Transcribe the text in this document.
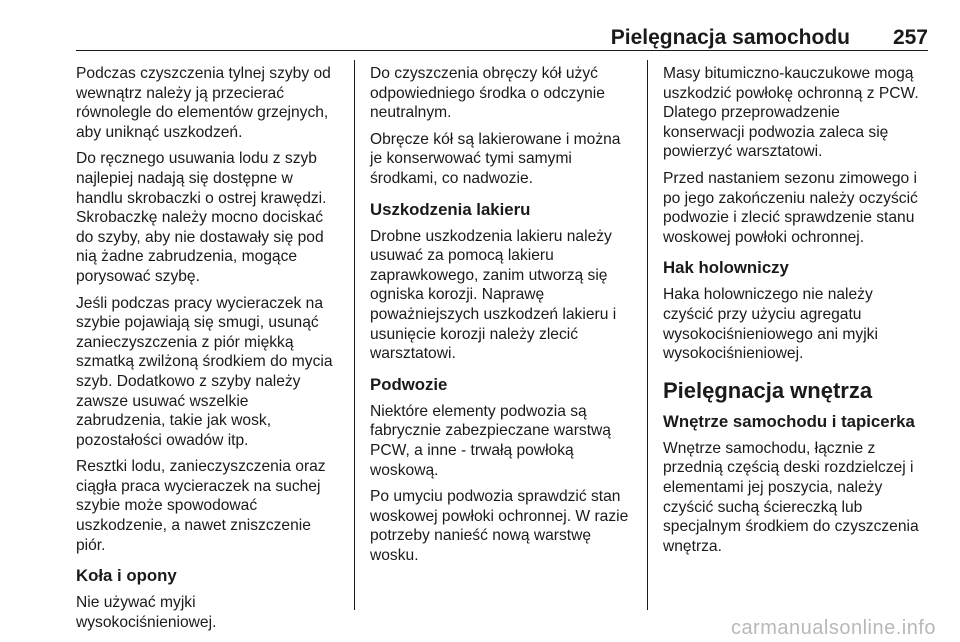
Pielęgnacja samochodu 257

Podczas czyszczenia tylnej szyby od
wewnątrz należy ją przecierać
równolegle do elementów grzejnych,
aby uniknąć uszkodzeń.

Do ręcznego usuwania lodu z szyb
najlepiej nadają się dostępne w
handlu skrobaczki o ostrej krawędzi.
Skrobaczkę należy mocno dociskać
do szyby, aby nie dostawały się pod
nią żadne zabrudzenia, mogące
porysować szybę.

Jeśli podczas pracy wycieraczek na
szybie pojawiają się smugi, usunąć
zanieczyszczenia z piór miękką
szmatką zwilżoną środkiem do mycia
szyb. Dodatkowo z szyby należy
zawsze usuwać wszelkie
zabrudzenia, takie jak wosk,
pozostałości owadów itp.

Resztki lodu, zanieczyszczenia oraz
ciągła praca wycieraczek na suchej
szybie może spowodować
uszkodzenie, a nawet zniszczenie
piór.

Koła i opony

Nie używać myjki
wysokociśnieniowej.

Do czyszczenia obręczy kół użyć
odpowiedniego środka o odczynie
neutralnym.

Obręcze kół są lakierowane i można
je konserwować tymi samymi
środkami, co nadwozie.

Uszkodzenia lakieru

Drobne uszkodzenia lakieru należy
usuwać za pomocą lakieru
zaprawkowego, zanim utworzą się
ogniska korozji. Naprawę
poważniejszych uszkodzeń lakieru i
usunięcie korozji należy zlecić
warsztatowi.

Podwozie

Niektóre elementy podwozia są
fabrycznie zabezpieczane warstwą
PCW, a inne - trwałą powłoką
woskową.

Po umyciu podwozia sprawdzić stan
woskowej powłoki ochronnej. W razie
potrzeby nanieść nową warstwę
wosku.

Masy bitumiczno-kauczukowe mogą
uszkodzić powłokę ochronną z PCW.
Dlatego przeprowadzenie
konserwacji podwozia zaleca się
powierzyć warsztatowi.

Przed nastaniem sezonu zimowego i
po jego zakończeniu należy oczyścić
podwozie i zlecić sprawdzenie stanu
woskowej powłoki ochronnej.

Hak holowniczy

Haka holowniczego nie należy
czyścić przy użyciu agregatu
wysokociśnieniowego ani myjki
wysokociśnieniowej.

Pielęgnacja wnętrza
Wnętrze samochodu i tapicerka

Wnętrze samochodu, łącznie z
przednią częścią deski rozdzielczej i
elementami jej poszycia, należy
czyścić suchą ściereczką lub
specjalnym środkiem do czyszczenia
wnętrza.

carmanualsonline.info
